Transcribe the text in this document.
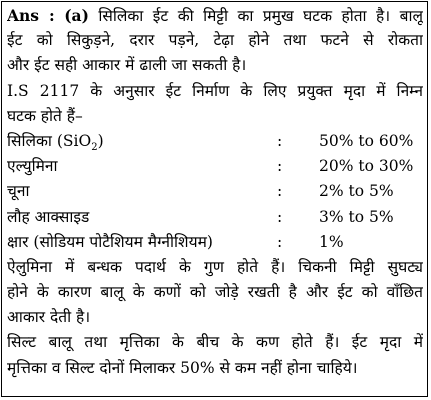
Ans : (a) सिलिका ईट की मिट्टी का प्रमुख घटक होता है। बालू
ईट को सिकुड़ने, दरार पड़ने, टेढ़ा होने तथा फटने से रोकता
और ईट सही आकार में ढाली जा सकती है।
I.S 2117 के अनुसार ईट निर्माण के लिए प्रयुक्त मृदा में निम्न
घटक होते हैं–
सिलिका (SiO$_2$)	:	50% to 60%
एल्युमिना	:	20% to 30%
चूना	:	2% to 5%
लौह आक्साइड	:	3% to 5%
क्षार (सोडियम पोटैशियम मैग्नीशियम)	:	1%
ऐलुमिना में बन्धक पदार्थ के गुण होते हैं। चिकनी मिट्टी सुघट्य
होने के कारण बालू के कणों को जोड़े रखती है और ईट को वाँछित
आकार देती है।
सिल्ट बालू तथा मृत्तिका के बीच के कण होते हैं। ईट मृदा में
मृत्तिका व सिल्ट दोनों मिलाकर 50% से कम नहीं होना चाहिये।
